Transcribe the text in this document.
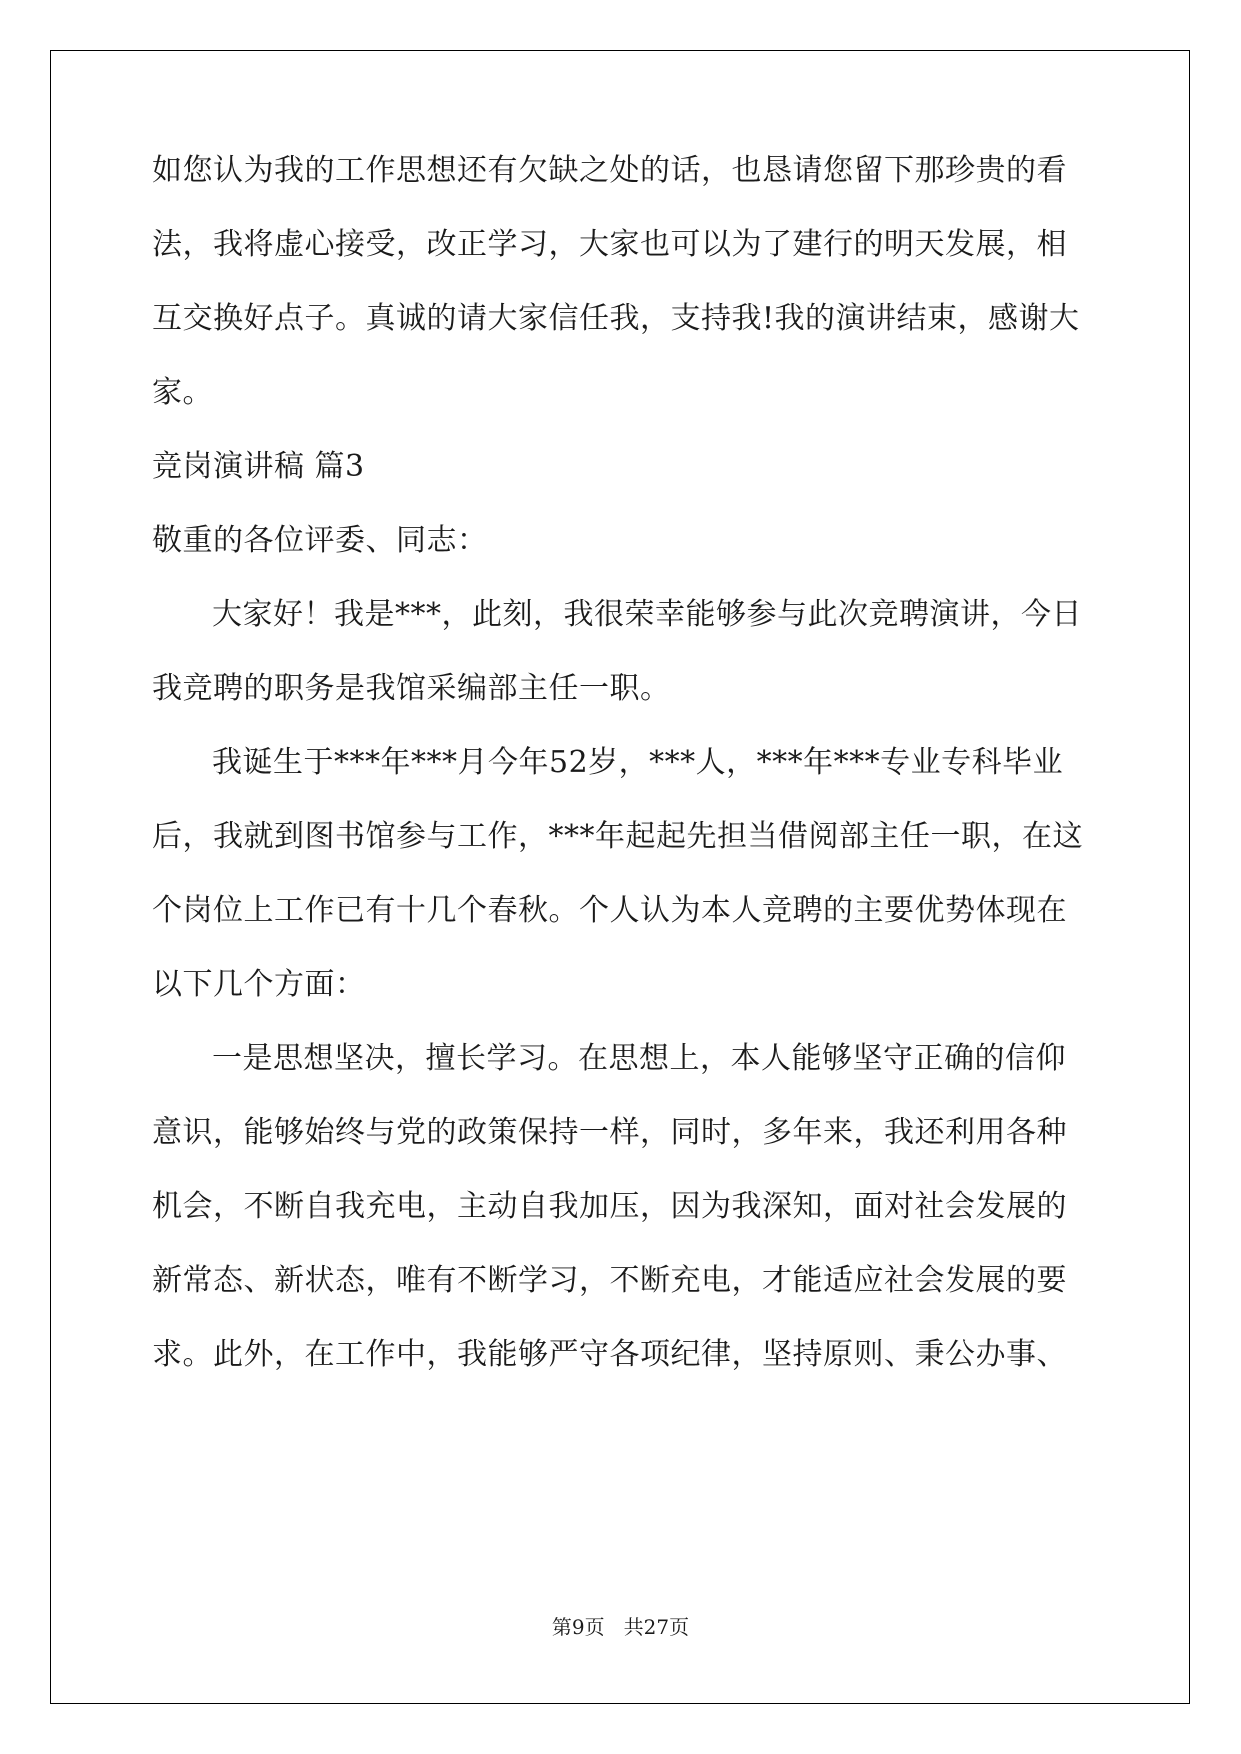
如您认为我的工作思想还有欠缺之处的话，也恳请您留下那珍贵的看
法，我将虚心接受，改正学习，大家也可以为了建行的明天发展，相
互交换好点子。真诚的请大家信任我，支持我!我的演讲结束，感谢大
家。
竞岗演讲稿 篇3
敬重的各位评委、同志：
大家好！我是***，此刻，我很荣幸能够参与此次竞聘演讲，今日
我竞聘的职务是我馆采编部主任一职。
我诞生于***年***月今年52岁，***人，***年***专业专科毕业
后，我就到图书馆参与工作，***年起起先担当借阅部主任一职，在这
个岗位上工作已有十几个春秋。个人认为本人竞聘的主要优势体现在
以下几个方面：
一是思想坚决，擅长学习。在思想上，本人能够坚守正确的信仰
意识，能够始终与党的政策保持一样，同时，多年来，我还利用各种
机会，不断自我充电，主动自我加压，因为我深知，面对社会发展的
新常态、新状态，唯有不断学习，不断充电，才能适应社会发展的要
求。此外，在工作中，我能够严守各项纪律，坚持原则、秉公办事、
第9页   共27页
